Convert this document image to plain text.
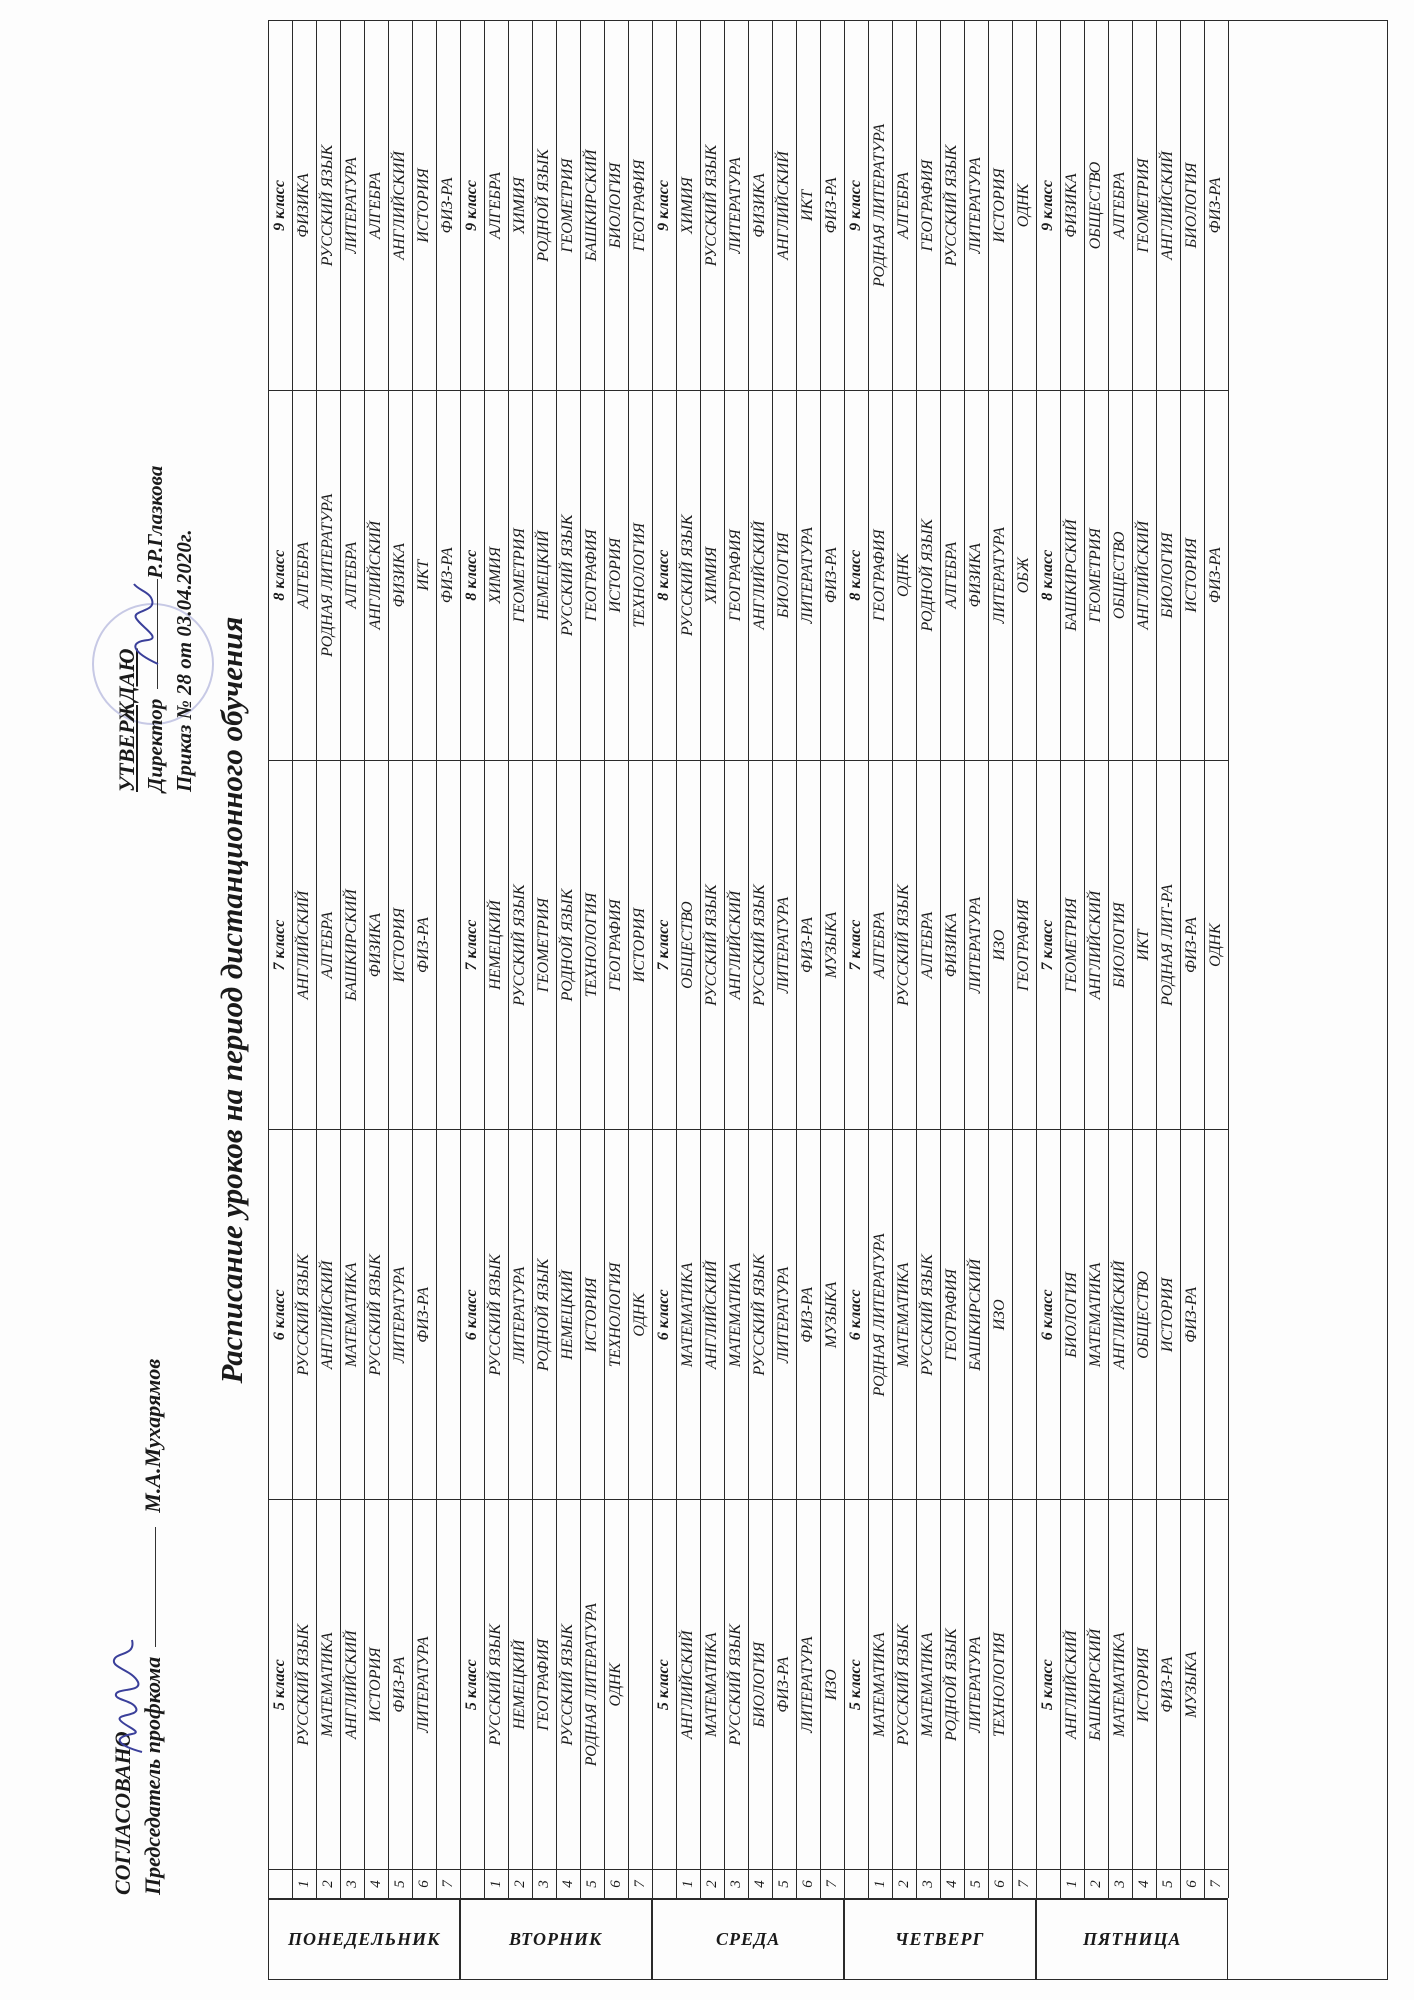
СОГЛАСОВАНО Председатель профкомаМ.А.Мухарямов
УТВЕРЖДАЮ ДиректорР.Р.Глазкова
Приказ № 28 от 03.04.2020г. Расписание уроков на период дистанционного обучения
ПОНЕДЕЛЬНИК
5 класс
6 класс
7 класс
8 класс
9 класс
1
РУССКИЙ ЯЗЫК
РУССКИЙ ЯЗЫК
АНГЛИЙСКИЙ
АЛГЕБРА
ФИЗИКА
2
МАТЕМАТИКА
АНГЛИЙСКИЙ
АЛГЕБРА
РОДНАЯ ЛИТЕРАТУРА
РУССКИЙ ЯЗЫК
3
АНГЛИЙСКИЙ
МАТЕМАТИКА
БАШКИРСКИЙ
АЛГЕБРА
ЛИТЕРАТУРА
4
ИСТОРИЯ
РУССКИЙ ЯЗЫК
ФИЗИКА
АНГЛИЙСКИЙ
АЛГЕБРА
5
ФИЗ-РА
ЛИТЕРАТУРА
ИСТОРИЯ
ФИЗИКА
АНГЛИЙСКИЙ
6
ЛИТЕРАТУРА
ФИЗ-РА
ФИЗ-РА
ИКТ
ИСТОРИЯ
7
ФИЗ-РА
ФИЗ-РА
ВТОРНИК
5 класс
6 класс
7 класс
8 класс
9 класс
1
РУССКИЙ ЯЗЫК
РУССКИЙ ЯЗЫК
НЕМЕЦКИЙ
ХИМИЯ
АЛГЕБРА
2
НЕМЕЦКИЙ
ЛИТЕРАТУРА
РУССКИЙ ЯЗЫК
ГЕОМЕТРИЯ
ХИМИЯ
3
ГЕОГРАФИЯ
РОДНОЙ ЯЗЫК
ГЕОМЕТРИЯ
НЕМЕЦКИЙ
РОДНОЙ ЯЗЫК
4
РУССКИЙ ЯЗЫК
НЕМЕЦКИЙ
РОДНОЙ ЯЗЫК
РУССКИЙ ЯЗЫК
ГЕОМЕТРИЯ
5
РОДНАЯ ЛИТЕРАТУРА
ИСТОРИЯ
ТЕХНОЛОГИЯ
ГЕОГРАФИЯ
БАШКИРСКИЙ
6
ОДНК
ТЕХНОЛОГИЯ
ГЕОГРАФИЯ
ИСТОРИЯ
БИОЛОГИЯ
7
ОДНК
ИСТОРИЯ
ТЕХНОЛОГИЯ
ГЕОГРАФИЯ
СРЕДА
5 класс
6 класс
7 класс
8 класс
9 класс
1
АНГЛИЙСКИЙ
МАТЕМАТИКА
ОБЩЕСТВО
РУССКИЙ ЯЗЫК
ХИМИЯ
2
МАТЕМАТИКА
АНГЛИЙСКИЙ
РУССКИЙ ЯЗЫК
ХИМИЯ
РУССКИЙ ЯЗЫК
3
РУССКИЙ ЯЗЫК
МАТЕМАТИКА
АНГЛИЙСКИЙ
ГЕОГРАФИЯ
ЛИТЕРАТУРА
4
БИОЛОГИЯ
РУССКИЙ ЯЗЫК
РУССКИЙ ЯЗЫК
АНГЛИЙСКИЙ
ФИЗИКА
5
ФИЗ-РА
ЛИТЕРАТУРА
ЛИТЕРАТУРА
БИОЛОГИЯ
АНГЛИЙСКИЙ
6
ЛИТЕРАТУРА
ФИЗ-РА
ФИЗ-РА
ЛИТЕРАТУРА
ИКТ
7
ИЗО
МУЗЫКА
МУЗЫКА
ФИЗ-РА
ФИЗ-РА
ЧЕТВЕРГ
5 класс
6 класс
7 класс
8 класс
9 класс
1
МАТЕМАТИКА
РОДНАЯ ЛИТЕРАТУРА
АЛГЕБРА
ГЕОГРАФИЯ
РОДНАЯ ЛИТЕРАТУРА
2
РУССКИЙ ЯЗЫК
МАТЕМАТИКА
РУССКИЙ ЯЗЫК
ОДНК
АЛГЕБРА
3
МАТЕМАТИКА
РУССКИЙ ЯЗЫК
АЛГЕБРА
РОДНОЙ ЯЗЫК
ГЕОГРАФИЯ
4
РОДНОЙ ЯЗЫК
ГЕОГРАФИЯ
ФИЗИКА
АЛГЕБРА
РУССКИЙ ЯЗЫК
5
ЛИТЕРАТУРА
БАШКИРСКИЙ
ЛИТЕРАТУРА
ФИЗИКА
ЛИТЕРАТУРА
6
ТЕХНОЛОГИЯ
ИЗО
ИЗО
ЛИТЕРАТУРА
ИСТОРИЯ
7
ГЕОГРАФИЯ
ОБЖ
ОДНК
ПЯТНИЦА
5 класс
6 класс
7 класс
8 класс
9 класс
1
АНГЛИЙСКИЙ
БИОЛОГИЯ
ГЕОМЕТРИЯ
БАШКИРСКИЙ
ФИЗИКА
2
БАШКИРСКИЙ
МАТЕМАТИКА
АНГЛИЙСКИЙ
ГЕОМЕТРИЯ
ОБЩЕСТВО
3
МАТЕМАТИКА
АНГЛИЙСКИЙ
БИОЛОГИЯ
ОБЩЕСТВО
АЛГЕБРА
4
ИСТОРИЯ
ОБЩЕСТВО
ИКТ
АНГЛИЙСКИЙ
ГЕОМЕТРИЯ
5
ФИЗ-РА
ИСТОРИЯ
РОДНАЯ ЛИТ-РА
БИОЛОГИЯ
АНГЛИЙСКИЙ
6
МУЗЫКА
ФИЗ-РА
ФИЗ-РА
ИСТОРИЯ
БИОЛОГИЯ
7
ОДНК
ФИЗ-РА
ФИЗ-РА
